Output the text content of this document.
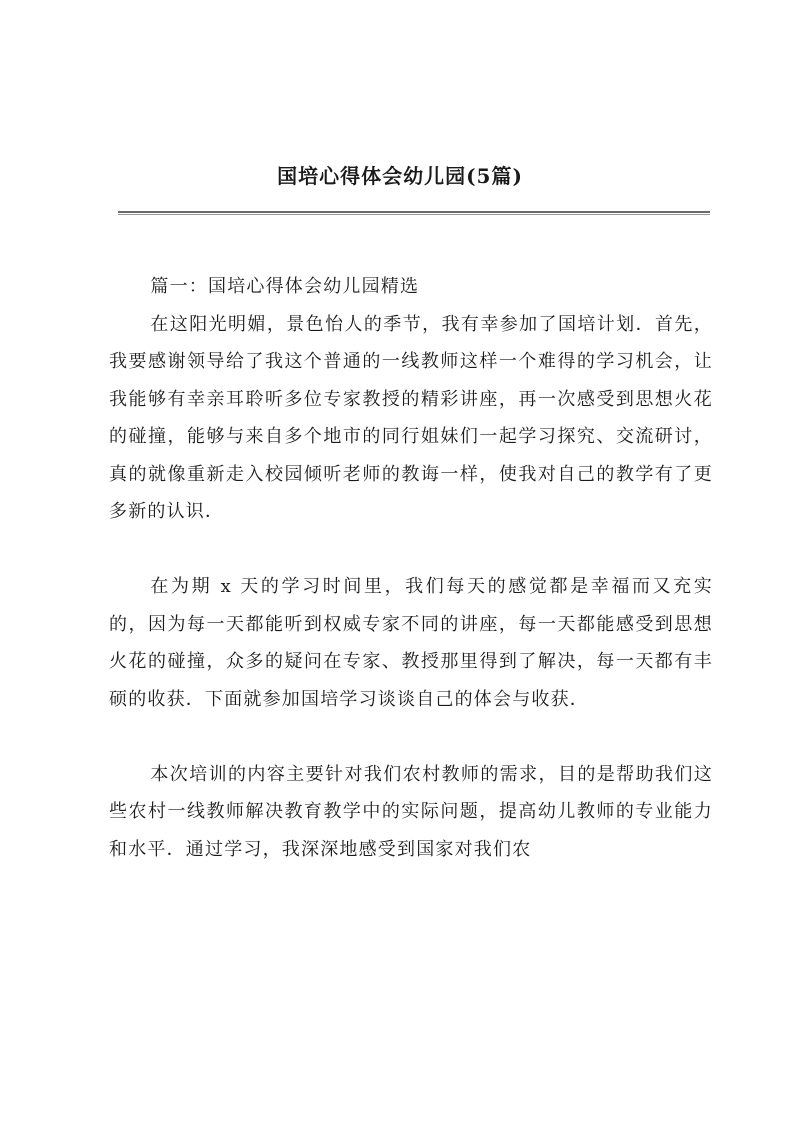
国培心得体会幼儿园(5篇)
篇一：国培心得体会幼儿园精选

在这阳光明媚，景色怡人的季节，我有幸参加了国培计划．首先，我要感谢领导给了我这个普通的一线教师这样一个难得的学习机会，让我能够有幸亲耳聆听多位专家教授的精彩讲座，再一次感受到思想火花的碰撞，能够与来自多个地市的同行姐妹们一起学习探究、交流研讨，真的就像重新走入校园倾听老师的教诲一样，使我对自己的教学有了更多新的认识．

在为期 x 天的学习时间里，我们每天的感觉都是幸福而又充实的，因为每一天都能听到权威专家不同的讲座，每一天都能感受到思想火花的碰撞，众多的疑问在专家、教授那里得到了解决，每一天都有丰硕的收获．下面就参加国培学习谈谈自己的体会与收获．

本次培训的内容主要针对我们农村教师的需求，目的是帮助我们这些农村一线教师解决教育教学中的实际问题，提高幼儿教师的专业能力和水平．通过学习，我深深地感受到国家对我们农
